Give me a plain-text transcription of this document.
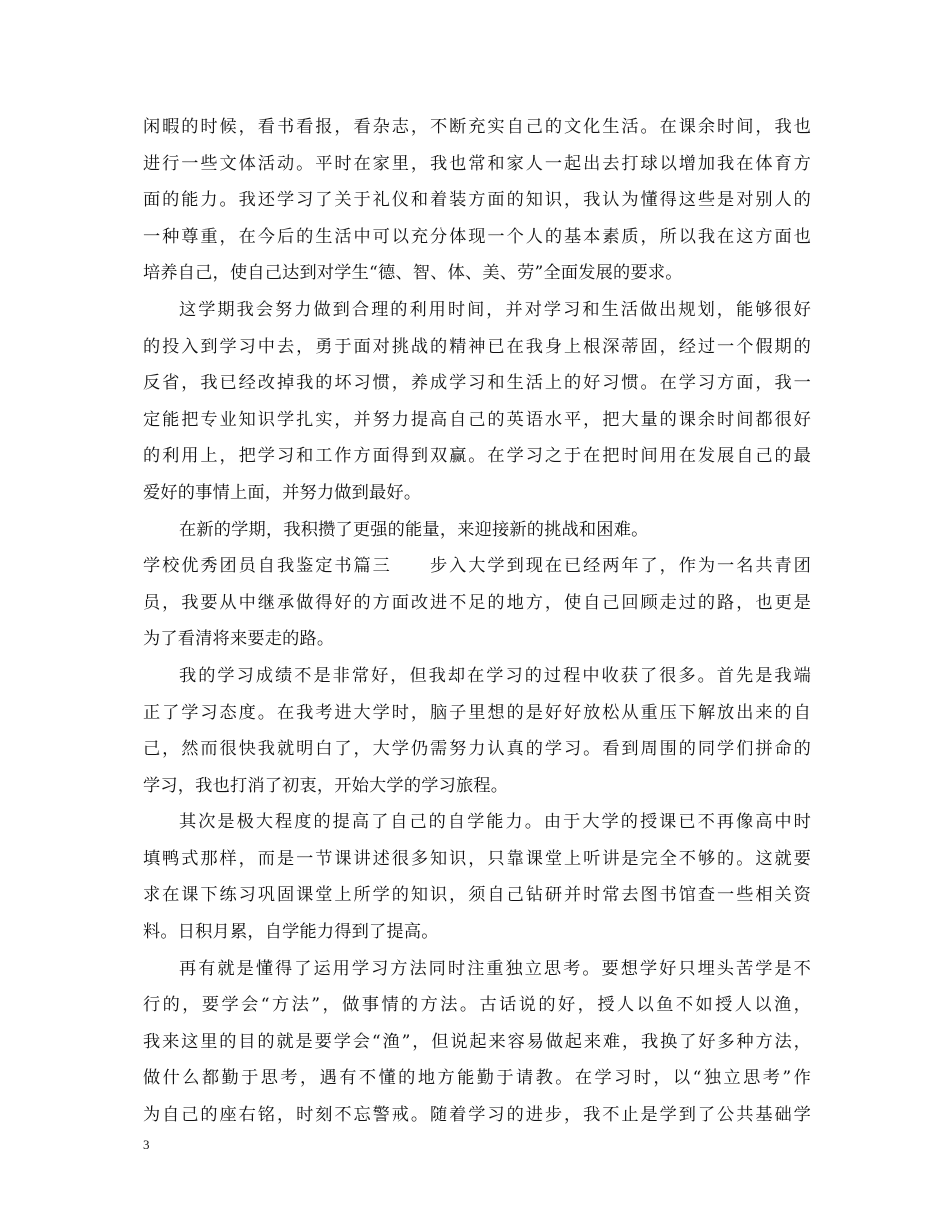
闲暇的时候，看书看报，看杂志，不断充实自己的文化生活。在课余时间，我也
进行一些文体活动。平时在家里，我也常和家人一起出去打球以增加我在体育方
面的能力。我还学习了关于礼仪和着装方面的知识，我认为懂得这些是对别人的
一种尊重，在今后的生活中可以充分体现一个人的基本素质，所以我在这方面也
培养自己，使自己达到对学生“德、智、体、美、劳”全面发展的要求。
这学期我会努力做到合理的利用时间，并对学习和生活做出规划，能够很好
的投入到学习中去，勇于面对挑战的精神已在我身上根深蒂固，经过一个假期的
反省，我已经改掉我的坏习惯，养成学习和生活上的好习惯。在学习方面，我一
定能把专业知识学扎实，并努力提高自己的英语水平，把大量的课余时间都很好
的利用上，把学习和工作方面得到双赢。在学习之于在把时间用在发展自己的最
爱好的事情上面，并努力做到最好。
在新的学期，我积攒了更强的能量，来迎接新的挑战和困难。
学校优秀团员自我鉴定书篇三　　步入大学到现在已经两年了，作为一名共青团
员，我要从中继承做得好的方面改进不足的地方，使自己回顾走过的路，也更是
为了看清将来要走的路。
我的学习成绩不是非常好，但我却在学习的过程中收获了很多。首先是我端
正了学习态度。在我考进大学时，脑子里想的是好好放松从重压下解放出来的自
己，然而很快我就明白了，大学仍需努力认真的学习。看到周围的同学们拼命的
学习，我也打消了初衷，开始大学的学习旅程。
其次是极大程度的提高了自己的自学能力。由于大学的授课已不再像高中时
填鸭式那样，而是一节课讲述很多知识，只靠课堂上听讲是完全不够的。这就要
求在课下练习巩固课堂上所学的知识，须自己钻研并时常去图书馆查一些相关资
料。日积月累，自学能力得到了提高。
再有就是懂得了运用学习方法同时注重独立思考。要想学好只埋头苦学是不
行的，要学会“方法”，做事情的方法。古话说的好，授人以鱼不如授人以渔，
我来这里的目的就是要学会“渔”，但说起来容易做起来难，我换了好多种方法，
做什么都勤于思考，遇有不懂的地方能勤于请教。在学习时，以“独立思考”作
为自己的座右铭，时刻不忘警戒。随着学习的进步，我不止是学到了公共基础学
3
